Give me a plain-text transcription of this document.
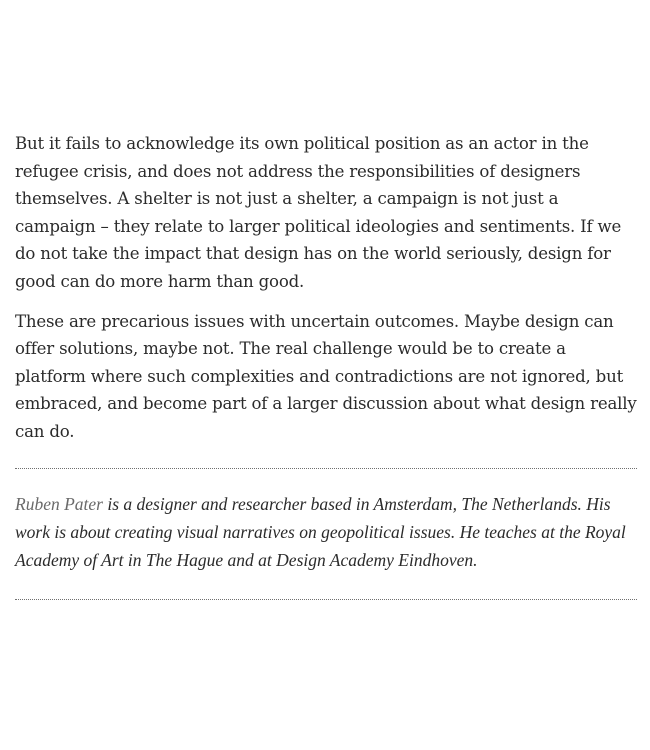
But it fails to acknowledge its own political position as an actor in the refugee crisis, and does not address the responsibilities of designers themselves. A shelter is not just a shelter, a campaign is not just a campaign – they relate to larger political ideologies and sentiments. If we do not take the impact that design has on the world seriously, design for good can do more harm than good.

These are precarious issues with uncertain outcomes. Maybe design can offer solutions, maybe not. The real challenge would be to create a platform where such complexities and contradictions are not ignored, but embraced, and become part of a larger discussion about what design really can do.

Ruben Pater is a designer and researcher based in Amsterdam, The Netherlands. His work is about creating visual narratives on geopolitical issues. He teaches at the Royal Academy of Art in The Hague and at Design Academy Eindhoven.
